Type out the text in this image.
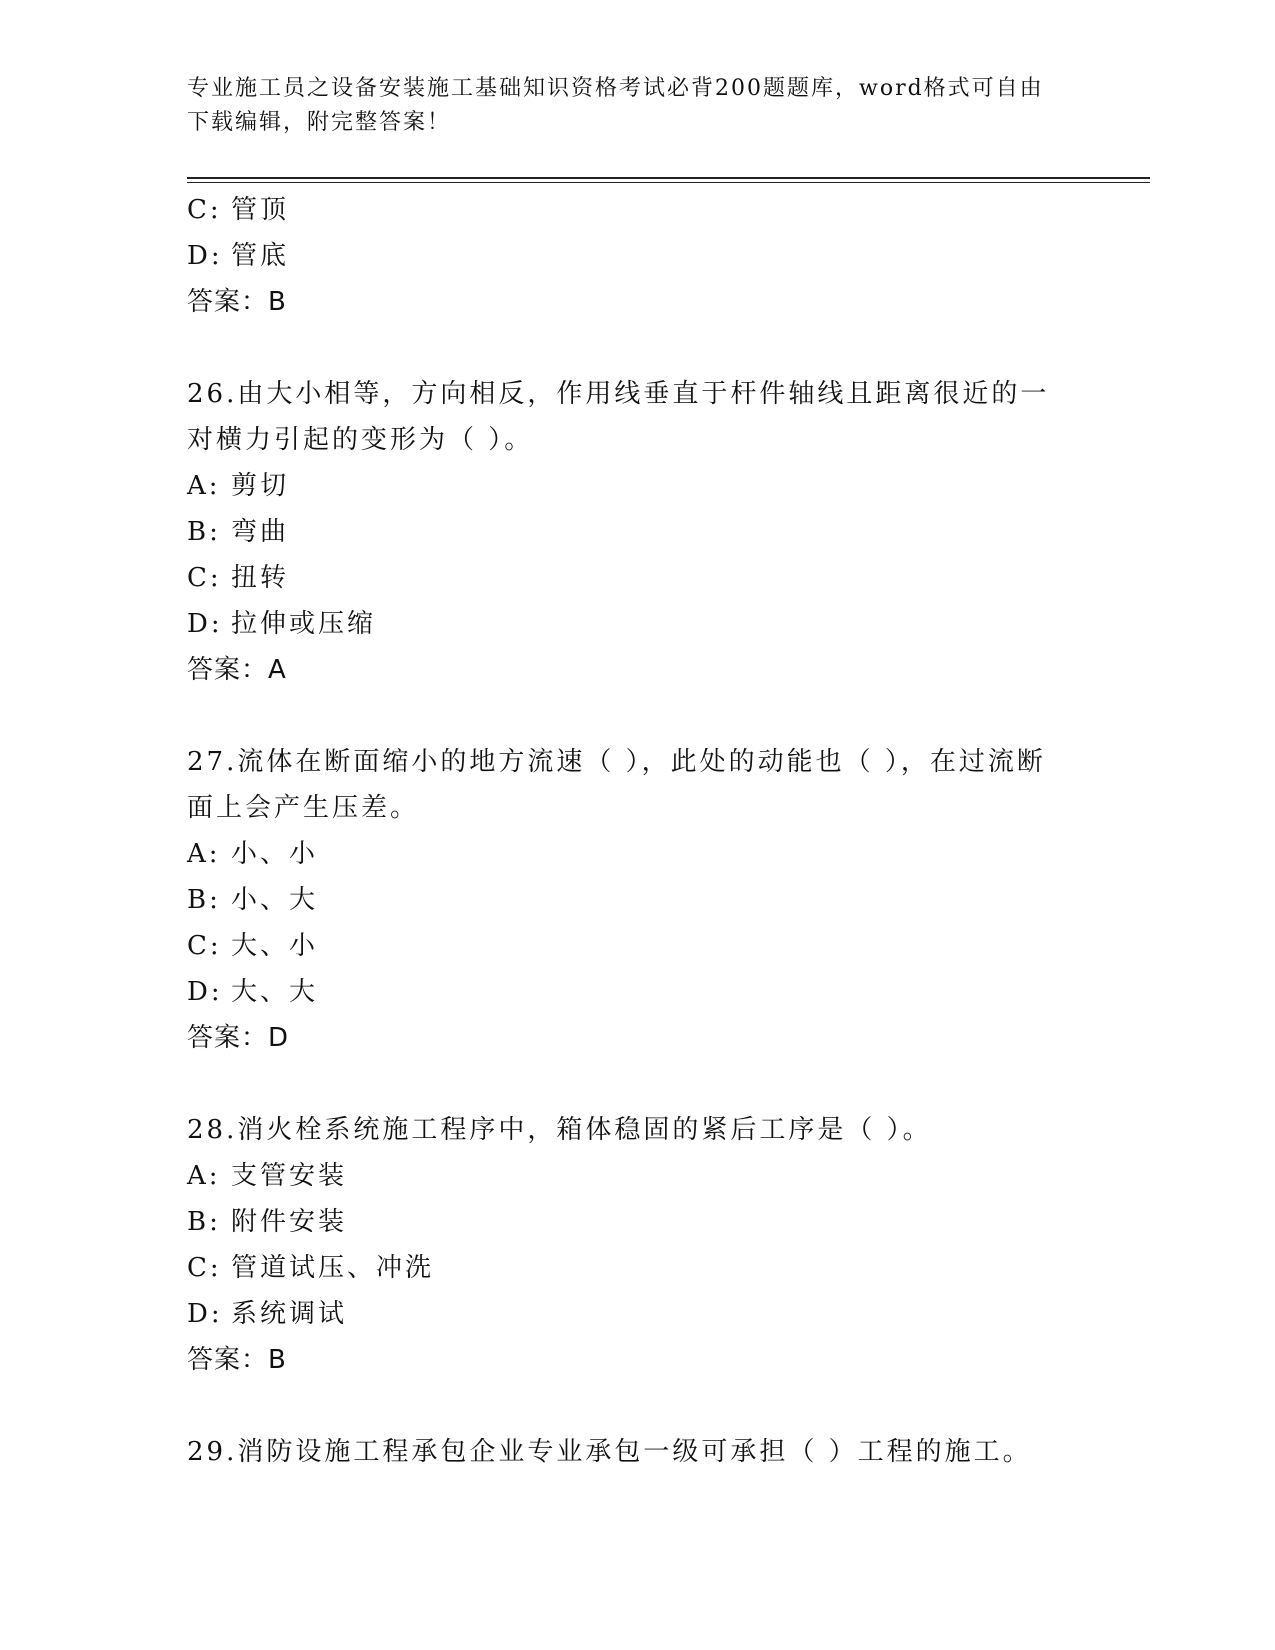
专业施工员之设备安装施工基础知识资格考试必背200题题库，word格式可自由
下载编辑，附完整答案！
C: 管顶
D: 管底
答案：B
26.由大小相等，方向相反，作用线垂直于杆件轴线且距离很近的一对横力引起的变形为（ ）。
A: 剪切
B: 弯曲
C: 扭转
D: 拉伸或压缩
答案：A
27.流体在断面缩小的地方流速（ ），此处的动能也（ ），在过流断面上会产生压差。
A: 小、小
B: 小、大
C: 大、小
D: 大、大
答案：D
28.消火栓系统施工程序中，箱体稳固的紧后工序是（ ）。
A: 支管安装
B: 附件安装
C: 管道试压、冲洗
D: 系统调试
答案：B
29.消防设施工程承包企业专业承包一级可承担（ ）工程的施工。
